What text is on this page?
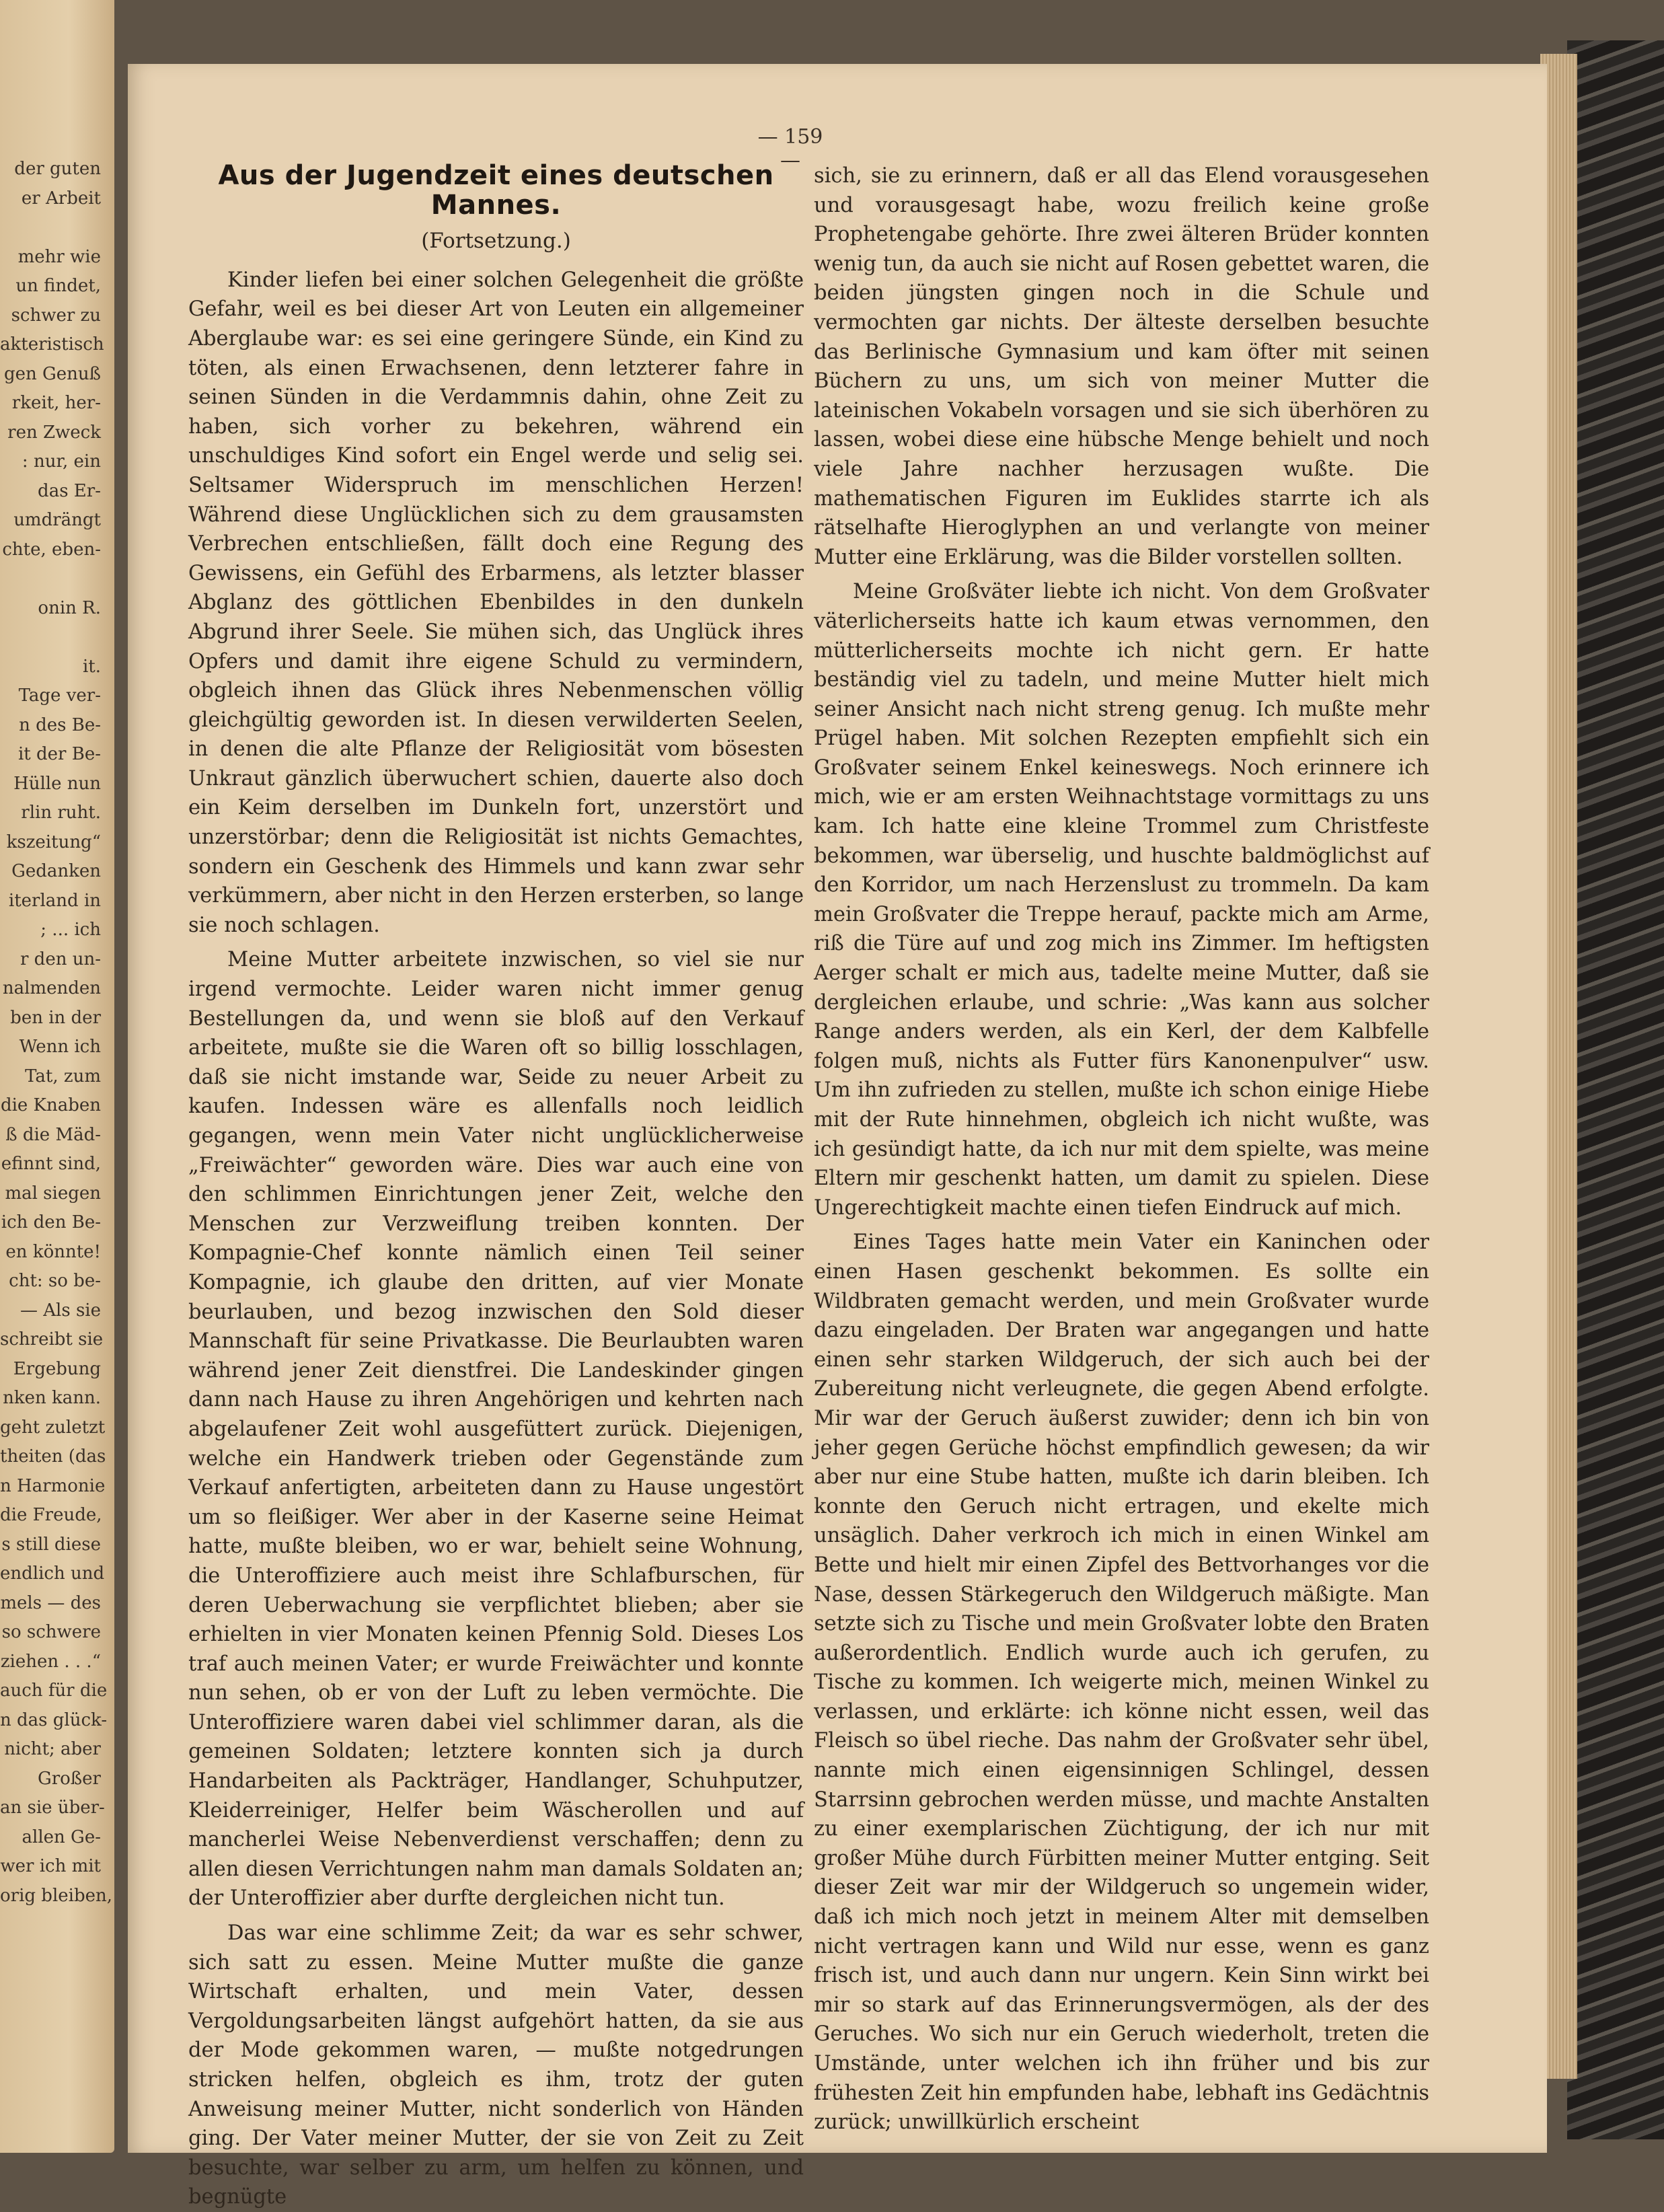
der guten
er Arbeit
mehr wie
un findet,
schwer zu
akteristisch
gen Genuß
rkeit, her-
ren Zweck
: nur, ein
das Er-
umdrängt
chte, eben-
onin R.
it.
Tage ver-
n des Be-
it der Be-
Hülle nun
rlin ruht.
kszeitung“
Gedanken
iterland in
; ... ich
r den un-
nalmenden
ben in der
Wenn ich
Tat, zum
die Knaben
ß die Mäd-
efinnt sind,
mal siegen
ich den Be-
en könnte!
cht: so be-
— Als sie
schreibt sie
Ergebung
nken kann.
geht zuletzt
theiten (das
n Harmonie
die Freude,
s still diese
endlich und
mels — des
so schwere
ziehen . . .“
auch für die
n das glück-
nicht; aber
Großer
an sie über-
allen Ge-
wer ich mit
orig bleiben,
— 159 —
Aus der Jugendzeit eines deutschen Mannes.
(Fortsetzung.)

Kinder liefen bei einer solchen Gelegenheit die größte Gefahr, weil es bei dieser Art von Leuten ein allgemeiner Aberglaube war: es sei eine geringere Sünde, ein Kind zu töten, als einen Erwachsenen, denn letzterer fahre in seinen Sünden in die Verdammnis dahin, ohne Zeit zu haben, sich vorher zu bekehren, während ein unschuldiges Kind sofort ein Engel werde und selig sei. Seltsamer Widerspruch im menschlichen Herzen! Während diese Unglücklichen sich zu dem grausamsten Verbrechen entschließen, fällt doch eine Regung des Gewissens, ein Gefühl des Erbarmens, als letzter blasser Abglanz des göttlichen Ebenbildes in den dunkeln Abgrund ihrer Seele. Sie mühen sich, das Unglück ihres Opfers und damit ihre eigene Schuld zu vermindern, obgleich ihnen das Glück ihres Nebenmenschen völlig gleichgültig geworden ist. In diesen verwilderten Seelen, in denen die alte Pflanze der Religiosität vom bösesten Unkraut gänzlich überwuchert schien, dauerte also doch ein Keim derselben im Dunkeln fort, unzerstört und unzerstörbar; denn die Religiosität ist nichts Gemachtes, sondern ein Geschenk des Himmels und kann zwar sehr verkümmern, aber nicht in den Herzen ersterben, so lange sie noch schlagen.

Meine Mutter arbeitete inzwischen, so viel sie nur irgend vermochte. Leider waren nicht immer genug Bestellungen da, und wenn sie bloß auf den Verkauf arbeitete, mußte sie die Waren oft so billig losschlagen, daß sie nicht imstande war, Seide zu neuer Arbeit zu kaufen. Indessen wäre es allenfalls noch leidlich gegangen, wenn mein Vater nicht unglücklicherweise „Freiwächter“ geworden wäre. Dies war auch eine von den schlimmen Einrichtungen jener Zeit, welche den Menschen zur Verzweiflung treiben konnten. Der Kompagnie-Chef konnte nämlich einen Teil seiner Kompagnie, ich glaube den dritten, auf vier Monate beurlauben, und bezog inzwischen den Sold dieser Mannschaft für seine Privatkasse. Die Beurlaubten waren während jener Zeit dienstfrei. Die Landeskinder gingen dann nach Hause zu ihren Angehörigen und kehrten nach abgelaufener Zeit wohl ausgefüttert zurück. Diejenigen, welche ein Handwerk trieben oder Gegenstände zum Verkauf anfertigten, arbeiteten dann zu Hause ungestört um so fleißiger. Wer aber in der Kaserne seine Heimat hatte, mußte bleiben, wo er war, behielt seine Wohnung, die Unteroffiziere auch meist ihre Schlafburschen, für deren Ueberwachung sie verpflichtet blieben; aber sie erhielten in vier Monaten keinen Pfennig Sold. Dieses Los traf auch meinen Vater; er wurde Freiwächter und konnte nun sehen, ob er von der Luft zu leben vermöchte. Die Unteroffiziere waren dabei viel schlimmer daran, als die gemeinen Soldaten; letztere konnten sich ja durch Handarbeiten als Packträger, Handlanger, Schuhputzer, Kleiderreiniger, Helfer beim Wäscherollen und auf mancherlei Weise Nebenverdienst verschaffen; denn zu allen diesen Verrichtungen nahm man damals Soldaten an; der Unteroffizier aber durfte dergleichen nicht tun.

Das war eine schlimme Zeit; da war es sehr schwer, sich satt zu essen. Meine Mutter mußte die ganze Wirtschaft erhalten, und mein Vater, dessen Vergoldungsarbeiten längst aufgehört hatten, da sie aus der Mode gekommen waren, — mußte notgedrungen stricken helfen, obgleich es ihm, trotz der guten Anweisung meiner Mutter, nicht sonderlich von Händen ging. Der Vater meiner Mutter, der sie von Zeit zu Zeit besuchte, war selber zu arm, um helfen zu können, und begnügte

sich, sie zu erinnern, daß er all das Elend vorausgesehen und vorausgesagt habe, wozu freilich keine große Prophetengabe gehörte. Ihre zwei älteren Brüder konnten wenig tun, da auch sie nicht auf Rosen gebettet waren, die beiden jüngsten gingen noch in die Schule und vermochten gar nichts. Der älteste derselben besuchte das Berlinische Gymnasium und kam öfter mit seinen Büchern zu uns, um sich von meiner Mutter die lateinischen Vokabeln vorsagen und sie sich überhören zu lassen, wobei diese eine hübsche Menge behielt und noch viele Jahre nachher herzusagen wußte. Die mathematischen Figuren im Euklides starrte ich als rätselhafte Hieroglyphen an und verlangte von meiner Mutter eine Erklärung, was die Bilder vorstellen sollten.

Meine Großväter liebte ich nicht. Von dem Großvater väterlicherseits hatte ich kaum etwas vernommen, den mütterlicherseits mochte ich nicht gern. Er hatte beständig viel zu tadeln, und meine Mutter hielt mich seiner Ansicht nach nicht streng genug. Ich mußte mehr Prügel haben. Mit solchen Rezepten empfiehlt sich ein Großvater seinem Enkel keineswegs. Noch erinnere ich mich, wie er am ersten Weihnachtstage vormittags zu uns kam. Ich hatte eine kleine Trommel zum Christfeste bekommen, war überselig, und huschte baldmöglichst auf den Korridor, um nach Herzenslust zu trommeln. Da kam mein Großvater die Treppe herauf, packte mich am Arme, riß die Türe auf und zog mich ins Zimmer. Im heftigsten Aerger schalt er mich aus, tadelte meine Mutter, daß sie dergleichen erlaube, und schrie: „Was kann aus solcher Range anders werden, als ein Kerl, der dem Kalbfelle folgen muß, nichts als Futter fürs Kanonenpulver“ usw. Um ihn zufrieden zu stellen, mußte ich schon einige Hiebe mit der Rute hinnehmen, obgleich ich nicht wußte, was ich gesündigt hatte, da ich nur mit dem spielte, was meine Eltern mir geschenkt hatten, um damit zu spielen. Diese Ungerechtigkeit machte einen tiefen Eindruck auf mich.

Eines Tages hatte mein Vater ein Kaninchen oder einen Hasen geschenkt bekommen. Es sollte ein Wildbraten gemacht werden, und mein Großvater wurde dazu eingeladen. Der Braten war angegangen und hatte einen sehr starken Wildgeruch, der sich auch bei der Zubereitung nicht verleugnete, die gegen Abend erfolgte. Mir war der Geruch äußerst zuwider; denn ich bin von jeher gegen Gerüche höchst empfindlich gewesen; da wir aber nur eine Stube hatten, mußte ich darin bleiben. Ich konnte den Geruch nicht ertragen, und ekelte mich unsäglich. Daher verkroch ich mich in einen Winkel am Bette und hielt mir einen Zipfel des Bettvorhanges vor die Nase, dessen Stärkegeruch den Wildgeruch mäßigte. Man setzte sich zu Tische und mein Großvater lobte den Braten außerordentlich. Endlich wurde auch ich gerufen, zu Tische zu kommen. Ich weigerte mich, meinen Winkel zu verlassen, und erklärte: ich könne nicht essen, weil das Fleisch so übel rieche. Das nahm der Großvater sehr übel, nannte mich einen eigensinnigen Schlingel, dessen Starrsinn gebrochen werden müsse, und machte Anstalten zu einer exemplarischen Züchtigung, der ich nur mit großer Mühe durch Fürbitten meiner Mutter entging. Seit dieser Zeit war mir der Wildgeruch so ungemein wider, daß ich mich noch jetzt in meinem Alter mit demselben nicht vertragen kann und Wild nur esse, wenn es ganz frisch ist, und auch dann nur ungern. Kein Sinn wirkt bei mir so stark auf das Erinnerungsvermögen, als der des Geruches. Wo sich nur ein Geruch wiederholt, treten die Umstände, unter welchen ich ihn früher und bis zur frühesten Zeit hin empfunden habe, lebhaft ins Gedächtnis zurück; unwillkürlich erscheint
